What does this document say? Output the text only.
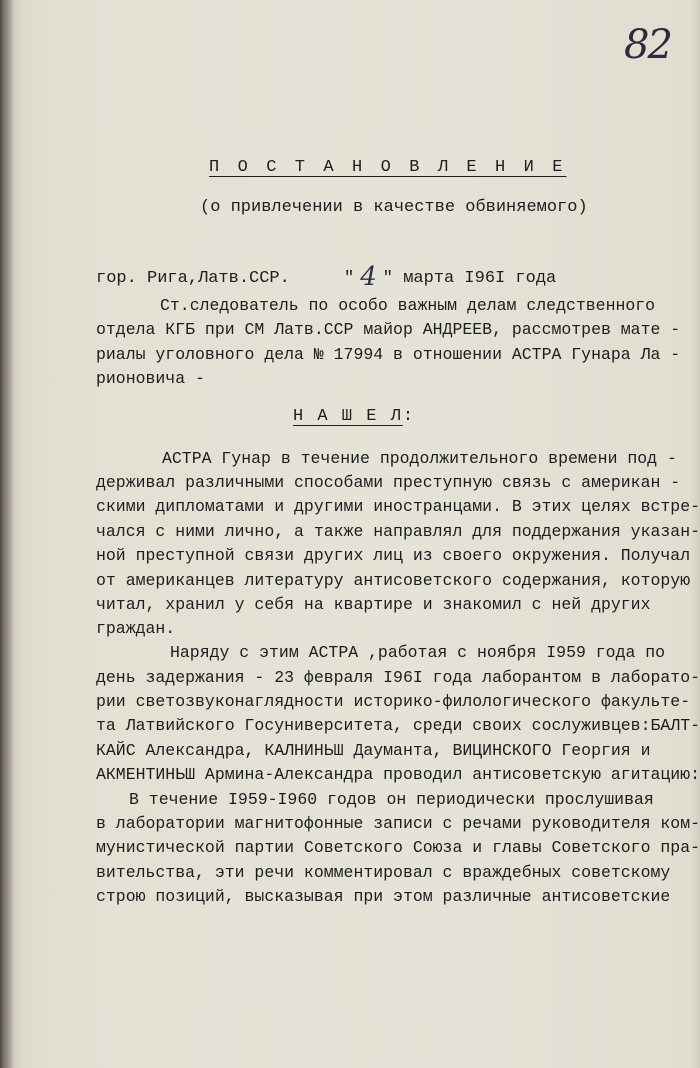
82
П О С Т А Н О В Л Е Н И Е
(о привлечении в качестве обвиняемого)
гор. Рига,Латв.ССР.	" 4 " марта I96I года
Ст.следователь по особо важным делам следственного
отдела КГБ при СМ Латв.ССР майор АНДРЕЕВ, рассмотрев мате -
риалы уголовного дела № 17994 в отношении АСТРА Гунара Ла -
рионовича -
Н А Ш Е Л:
АСТРА Гунар в течение продолжительного времени под -
держивал различными способами преступную связь с американ -
скими дипломатами и другими иностранцами. В этих целях встре-
чался с ними лично, а также направлял для поддержания указан-
ной преступной связи других лиц из своего окружения. Получал
от американцев литературу антисоветского содержания, которую
читал, хранил у себя на квартире и знакомил с ней других
граждан.
Наряду с этим АСТРА ,работая с ноября I959 года по
день задержания - 23 февраля I96I года лаборантом в лаборато-
рии светозвуконаглядности историко-филологического факульте-
та Латвийского Госуниверситета, среди своих сослуживцев:БАЛТ-
КАЙС Александра, КАЛНИНЬШ Даумантa, ВИЦИНСКОГО Георгия и
АКМЕНТИНЬШ Армина-Александра проводил антисоветскую агитацию:
В течение I959-I960 годов он периодически прослушивая
в лаборатории магнитофонные записи с речами руководителя ком-
мунистической партии Советского Союза и главы Советского пра-
вительства, эти речи комментировал с враждебных советскому
строю позиций, высказывая при этом различные антисоветские
